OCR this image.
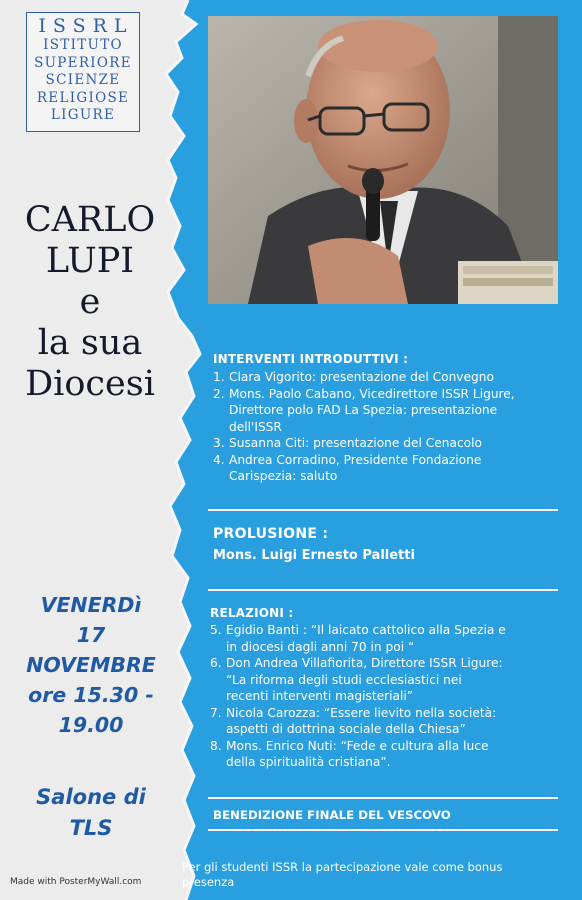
ISSRL
ISTITUTO
SUPERIORE
SCIENZE
RELIGIOSE
LIGURE
CARLO
LUPI
e
la sua
Diocesi
VENERDì
17
NOVEMBRE
ore 15.30 -
19.00
Salone di
TLS
Made with PosterMyWall.com
INTERVENTI INTRODUTTIVI :
1. Clara Vigorito: presentazione del Convegno
2. Mons. Paolo Cabano, Vicedirettore ISSR Ligure,
Direttore polo FAD La Spezia: presentazione
dell'ISSR
3. Susanna Citi: presentazione del Cenacolo
4. Andrea Corradino, Presidente Fondazione
Carispezia: saluto
PROLUSIONE :
Mons. Luigi Ernesto Palletti
RELAZIONI :
5. Egidio Banti : “Il laicato cattolico alla Spezia e
in diocesi dagli anni 70 in poi “
6. Don Andrea Villafiorita, Direttore ISSR Ligure:
“La riforma degli studi ecclesiastici nei
recenti interventi magisteriali”
7. Nicola Carozza: “Essere lievito nella società:
aspetti di dottrina sociale della Chiesa”
8. Mons. Enrico Nuti: “Fede e cultura alla luce
della spiritualità cristiana”.
BENEDIZIONE FINALE DEL VESCOVO
Per gli studenti ISSR la partecipazione vale come bonus
presenza
